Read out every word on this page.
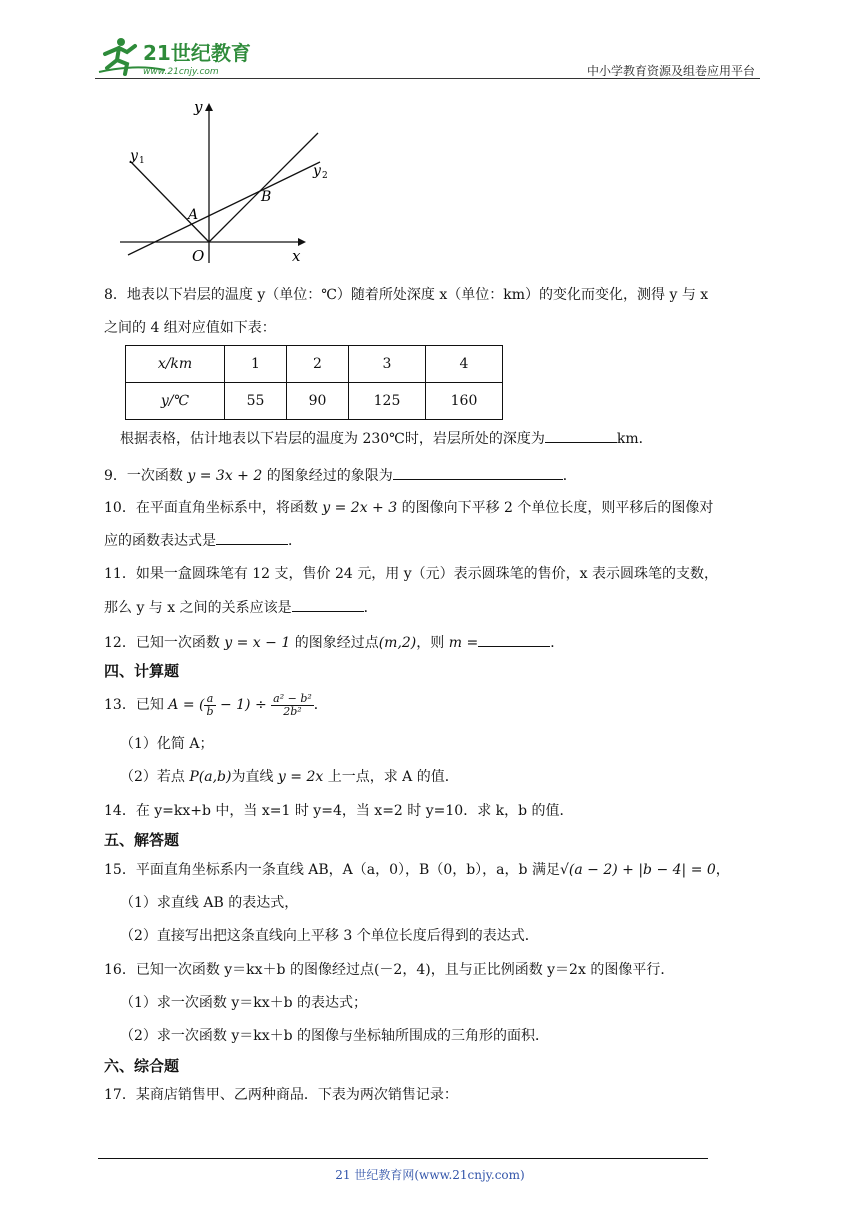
21世纪教育
www.21cnjy.com	中小学教育资源及组卷应用平台
y
x
O
y 1
y 2
A
B
8．地表以下岩层的温度 y（单位：℃）随着所处深度 x（单位：km）的变化而变化，测得 y 与 x
之间的 4 组对应值如下表：
x/km	1	2	3	4
y/℃	55	90	125	160
根据表格，估计地表以下岩层的温度为 230℃时，岩层所处的深度为	km．
9．一次函数 y = 3x + 2 的图象经过的象限为	．
10．在平面直角坐标系中，将函数 y = 2x + 3 的图像向下平移 2 个单位长度，则平移后的图像对
应的函数表达式是	．
11．如果一盒圆珠笔有 12 支，售价 24 元，用 y（元）表示圆珠笔的售价，x 表示圆珠笔的支数，
那么 y 与 x 之间的关系应该是	．
12．已知一次函数 y = x − 1 的图象经过点(m,2)，则 m =	．
四、计算题
13．已知 A = ( $\frac{a}{b} - 1) \div \frac{\text{a² − b²}}{\text{2b²}}$ ．
（1）化简 A；
（2）若点 P(a,b)为直线 y = 2x 上一点，求 A 的值．
14．在 y=kx+b 中，当 x=1 时 y=4，当 x=2 时 y=10．求 k，b 的值．
五、解答题
15．平面直角坐标系内一条直线 AB，A（a，0），B（0，b），a，b 满足√(a − 2) + |b − 4| = 0，
（1）求直线 AB 的表达式，
（2）直接写出把这条直线向上平移 3 个单位长度后得到的表达式．
16．已知一次函数 y＝kx＋b 的图像经过点(－2，4)，且与正比例函数 y＝2x 的图像平行．
（1）求一次函数 y＝kx＋b 的表达式；
（2）求一次函数 y＝kx＋b 的图像与坐标轴所围成的三角形的面积．
六、综合题
17．某商店销售甲、乙两种商品．下表为两次销售记录：
21 世纪教育网(www.21cnjy.com)
